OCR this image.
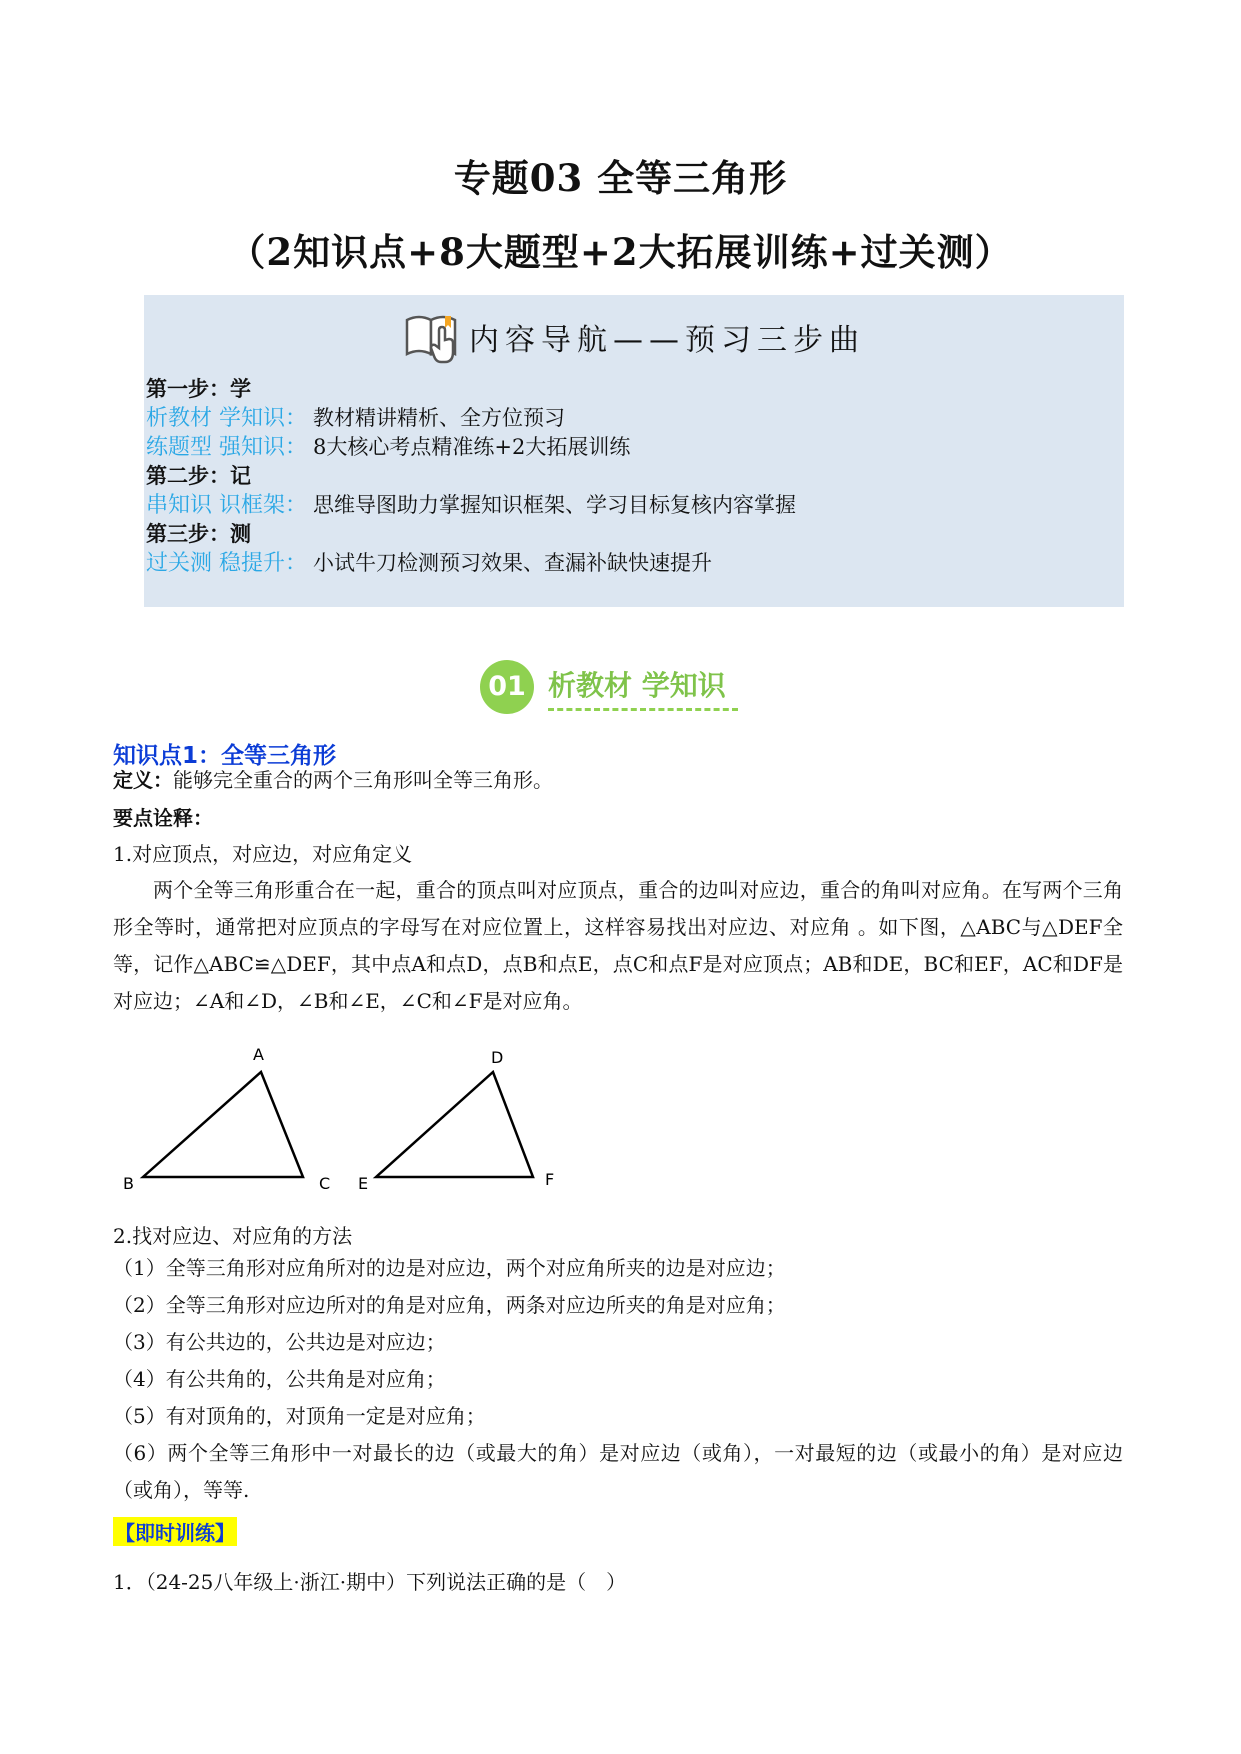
专题03 全等三角形
（2知识点+8大题型+2大拓展训练+过关测）
内容导航——预习三步曲
第一步：学
析教材 学知识： 教材精讲精析、全方位预习
练题型 强知识： 8大核心考点精准练+2大拓展训练
第二步：记
串知识 识框架： 思维导图助力掌握知识框架、学习目标复核内容掌握
第三步：测
过关测 稳提升： 小试牛刀检测预习效果、查漏补缺快速提升
01 析教材 学知识
知识点1：全等三角形
定义：能够完全重合的两个三角形叫全等三角形。
要点诠释：
1.对应顶点，对应边，对应角定义
两个全等三角形重合在一起，重合的顶点叫对应顶点，重合的边叫对应边，重合的角叫对应角。在写两个三角形全等时，通常把对应顶点的字母写在对应位置上，这样容易找出对应边、对应角 。如下图，△ABC与△DEF全等，记作△ABC≌△DEF，其中点A和点D，点B和点E，点C和点F是对应顶点；AB和DE，BC和EF，AC和DF是对应边；∠A和∠D，∠B和∠E，∠C和∠F是对应角。
A
B	C
D
E	F
2.找对应边、对应角的方法
（1）全等三角形对应角所对的边是对应边，两个对应角所夹的边是对应边；
（2）全等三角形对应边所对的角是对应角，两条对应边所夹的角是对应角；
（3）有公共边的，公共边是对应边；
（4）有公共角的，公共角是对应角；
（5）有对顶角的，对顶角一定是对应角；
（6）两个全等三角形中一对最长的边（或最大的角）是对应边（或角），一对最短的边（或最小的角）是对应边（或角），等等.
【即时训练】
1．（24-25八年级上·浙江·期中）下列说法正确的是（　）
